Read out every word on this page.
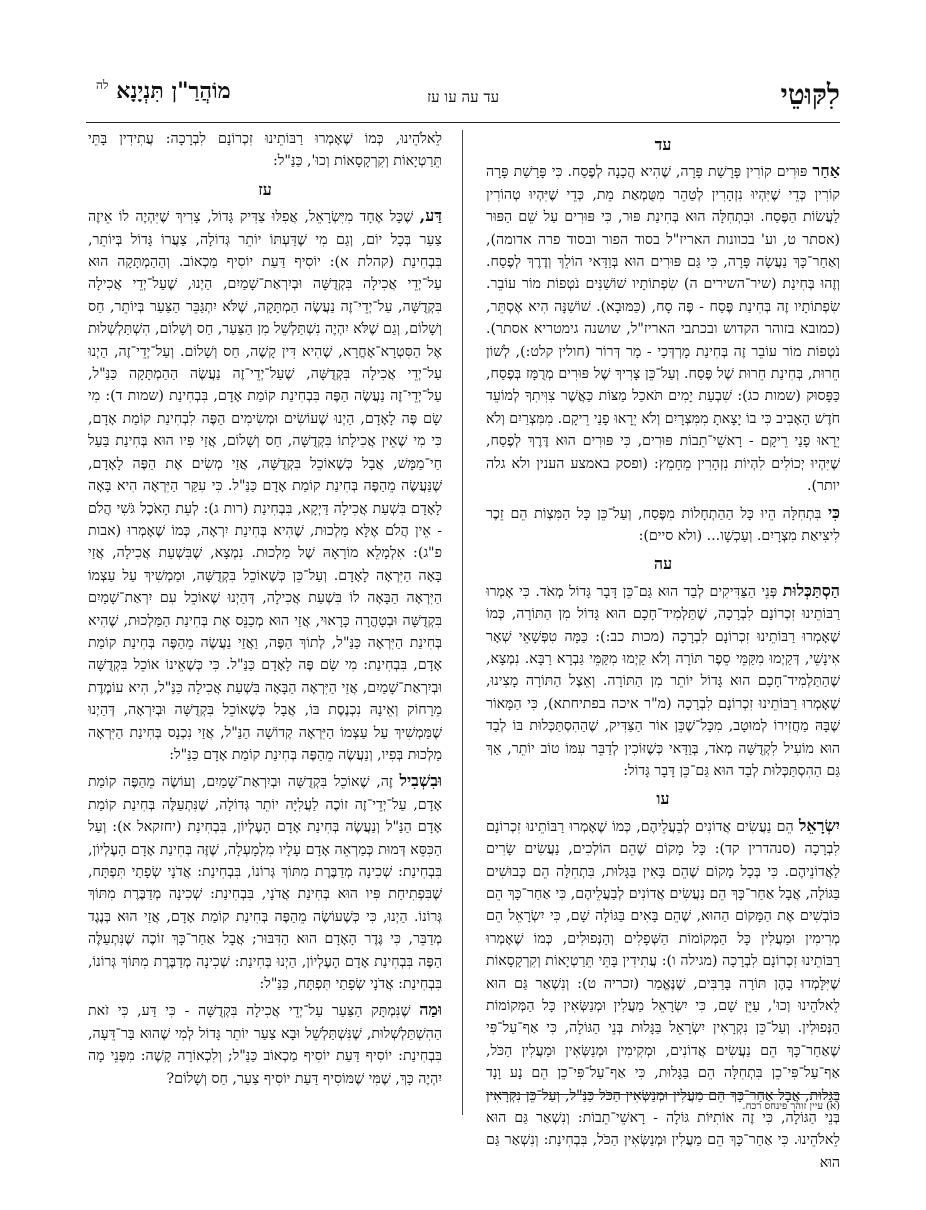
לִקּוּטֵי
עד עה עו עז
מוֹהֲרַ"ן תִּנְיָנָא $^{לה}$
עד

אַחַר פּוּרִים קוֹרִין פָּרָשַׁת פָּרָה, שֶׁהִיא הֲכָנָה לְפֶסַח. כִּי פָּרָשַׁת פָּרָה קוֹרִין כְּדֵי שֶׁיִּהְיוּ נִזְהָרִין לְטַהֵר מִטֻּמְאַת מֵת, כְּדֵי שֶׁיִּהְיוּ טְהוֹרִין לַעֲשׂוֹת הַפֶּסַח. וּבִתְחִלָּה הוּא בְּחִינַת פּוּר, כִּי פּוּרִים עַל שֵׁם הַפּוּר (אסתר ט, וע' בכוונות האריז"ל בסוד הפור ובסוד פרה אדומה), וְאַחַר־כָּךְ נַעֲשָׂה פָּרָה, כִּי גַּם פּוּרִים הוּא בְּוַדַּאי הוֹלֵךְ וְדֶרֶךְ לְפֶסַח. וְזֶהוּ בְּחִינַת (שיר־השירים ה) שִׂפְתוֹתָיו שׁוֹשַׁנִּים נֹטְפוֹת מוֹר עוֹבֵר. שִׂפְתוֹתָיו זֶה בְּחִינַת פֶּסַח - פֶּה סָח, (כַּמּוּבָא). שׁוֹשַׁנָּה הִיא אֶסְתֵּר, (כמובא בזוהר הקדוש ובכתבי האריז"ל, שושנה גימטריא אסתר). נֹטְפוֹת מוֹר עוֹבֵר זֶה בְּחִינַת מָרְדְּכַי - מָר דְּרוֹר (חולין קלט:), לְשׁוֹן חֵרוּת, בְּחִינַת חֵרוּת שֶׁל פֶּסַח. וְעַל־כֵּן צָרִיךְ שֶׁל פּוּרִים מְרֻמָּז בְּפֶסַח, כַּפָּסוּק (שמות כג): שִׁבְעַת יָמִים תֹּאכַל מַצּוֹת כַּאֲשֶׁר צִוִּיתִךָ לְמוֹעֵד חֹדֶשׁ הָאָבִיב כִּי בוֹ יָצָאתָ מִמִּצְרָיִם וְלֹא יֵרָאוּ פָנַי רֵיקָם. מִמִּצְרַיִם וְלֹא יֵרָאוּ פָנַי רֵיקָם - רָאשֵׁי־תֵבוֹת פּוּרִים, כִּי פּוּרִים הוּא דֶּרֶךְ לְפֶסַח, שֶׁיִּהְיוּ יְכוֹלִים לִהְיוֹת נִזְהָרִין מֵחָמֵץ: (ופסק באמצע הענין ולא גלה יותר).

כִּי בִּתְחִלָּה הֵיוּ כָּל הַהַתְחָלוֹת מִפֶּסַח, וְעַל־כֵּן כָּל הַמִּצְוֹת הֵם זֵכֶר לִיצִיאַת מִצְרָיִם. וְעַכְשָׁו... (ולא סיים):

עה

הַסְתַּכְּלוּת פְּנֵי הַצַּדִּיקִים לְבַד הוּא גַּם־כֵּן דָּבָר גָּדוֹל מְאֹד. כִּי אָמְרוּ רַבּוֹתֵינוּ זִכְרוֹנָם לִבְרָכָה, שֶׁתַּלְמִיד־חָכָם הוּא גָּדוֹל מִן הַתּוֹרָה, כְּמוֹ שֶׁאָמְרוּ רַבּוֹתֵינוּ זִכְרוֹנָם לִבְרָכָה (מכות כב:): כַּמָּה טִפְּשָׁאֵי שְׁאָר אִינָשֵׁי, דְּקַיְמוּ מִקַּמֵּי סֵפֶר תּוֹרָה וְלֹא קַיְמוּ מִקַּמֵּי גַּבְרָא רַבָּא. נִמְצָא, שֶׁהַתַּלְמִיד־חָכָם הוּא גָּדוֹל יוֹתֵר מִן הַתּוֹרָה. וְאֵצֶל הַתּוֹרָה מָצִינוּ, שֶׁאָמְרוּ רַבּוֹתֵינוּ זִכְרוֹנָם לִבְרָכָה (מ"ר איכה בפתיחתא), כִּי הַמָּאוֹר שֶׁבָּהּ מַחֲזִירוֹ לְמוּטָב, מִכָּל־שֶׁכֵּן אוֹר הַצַּדִּיק, שֶׁהַהִסְתַּכְּלוּת בּוֹ לְבַד הוּא מוֹעִיל לִקְדֻשָּׁה מְאֹד, בְּוַדַּאי כְּשֶׁזּוֹכִין לְדַבֵּר עִמּוֹ טוֹב יוֹתֵר, אַךְ גַּם הַהִסְתַּכְּלוּת לְבַד הוּא גַּם־כֵּן דָּבָר גָּדוֹל:

עו

יִשְׂרָאֵל הֵם נַעֲשִׂים אֲדוֹנִים לְבַעֲלֵיהֶם, כְּמוֹ שֶׁאָמְרוּ רַבּוֹתֵינוּ זִכְרוֹנָם לִבְרָכָה (סנהדרין קד): כָּל מָקוֹם שֶׁהֵם הוֹלְכִים, נַעֲשִׂים שָׂרִים לַאֲדוֹנֵיהֶם. כִּי בְּכָל מָקוֹם שֶׁהֵם בָּאִין בַּגָּלוּת, בִּתְחִלָּה הֵם כְּבוּשִׁים בַּגּוֹלָה, אֲבָל אַחַר־כָּךְ הֵם נַעֲשִׂים אֲדוֹנִים לְבַעֲלֵיהֶם, כִּי אַחַר־כָּךְ הֵם כּוֹבְשִׁים אֶת הַמָּקוֹם הַהוּא, שֶׁהֵם בָּאִים בַּגּוֹלָה שָׁם, כִּי יִשְׂרָאֵל הֵם מְרִימִין וּמַעֲלִין כָּל הַמְּקוֹמוֹת הַשְּׁפָלִים וְהַנְּפוּלִים, כְּמוֹ שֶׁאָמְרוּ רַבּוֹתֵינוּ זִכְרוֹנָם לִבְרָכָה (מגילה ו): עֲתִידִין בָּתֵּי תֵּרַטְיָאוֹת וְקִרְקָסָאוֹת שֶׁיִּלָּמְדוּ בָהֶן תּוֹרָה בָּרַבִּים, שֶׁנֶּאֱמַר (זכריה ט): וְנִשְׁאַר גַּם הוּא לֵאלֹהֵינוּ וְכוּ', עַיֵּן שָׁם, כִּי יִשְׂרָאֵל מַעֲלִין וּמְנַשְּׂאִין כָּל הַמְּקוֹמוֹת הַנְּפוּלִין. וְעַל־כֵּן נִקְרָאִין יִשְׂרָאֵל בַּגָּלוּת בְּנֵי הַגּוֹלָה, כִּי אַף־עַל־פִּי שֶׁאַחַר־כָּךְ הֵם נַעֲשִׂים אֲדוֹנִים, וּמְקִימִין וּמְנַשְּׂאִין וּמַעֲלִין הַכֹּל, אַף־עַל־פִּי־כֵן בִּתְחִלָּה הֵם בַּגָּלוּת, כִּי אַף־עַל־פִּי־כֵן הֵם נָע וָנָד בַּגָּלוּת, אֲבָל אַחַר־כָּךְ הֵם מַעֲלִין וּמְנַשְּׂאִין הַכֹּל כַּנַּ"ל, וְעַל־כֵּן נִקְרָאִין בְּנֵי הַגּוֹלָה, כִּי זֶה אוֹתִיּוֹת גּוֹלָה - רָאשֵׁי־תֵבוֹת: וְנִשְׁאַר גַּם הוּא לֵאלֹהֵינוּ. כִּי אַחַר־כָּךְ הֵם מַעֲלִין וּמְנַשְּׂאִין הַכֹּל, בִּבְחִינַת: וְנִשְׁאַר גַּם הוּא

לֵאלֹהֵינוּ, כְּמוֹ שֶׁאָמְרוּ רַבּוֹתֵינוּ זִכְרוֹנָם לִבְרָכָה: עֲתִידִין בָּתֵּי תֵּרַטְיָאוֹת וְקִרְקָסָאוֹת וְכוּ', כַּנַּ"ל:

עז

דַּע, שֶׁכָּל אֶחָד מִיִּשְׂרָאֵל, אֲפִלּוּ צַדִּיק גָּדוֹל, צָרִיךְ שֶׁיִּהְיֶה לוֹ אֵיזֶה צַעַר בְּכָל יוֹם, וְגַם מִי שֶׁדַּעְתּוֹ יוֹתֵר גְּדוֹלָה, צַעֲרוֹ גָּדוֹל בְּיוֹתֵר, בִּבְחִינַת (קהלת א): יוֹסִיף דַּעַת יוֹסִיף מַכְאוֹב. וְהַהַמְתָּקָה הוּא עַל־יְדֵי אֲכִילָה בִּקְדֻשָּׁה וּבְיִרְאַת־שָׁמַיִם, הַיְנוּ, שֶׁעַל־יְדֵי אֲכִילָה בִּקְדֻשָּׁה, עַל־יְדֵי־זֶה נַעֲשֶׂה הַמְתָּקָה, שֶׁלֹּא יִתְגַּבֵּר הַצַּעַר בְּיוֹתֵר, חַס וְשָׁלוֹם, וְגַם שֶׁלֹּא יִהְיֶה נִשְׁתַּלְשֵׁל מִן הַצַּעַר, חַס וְשָׁלוֹם, הִשְׁתַּלְשְׁלוּת אֶל הַסִּטְרָא־אָחֳרָא, שֶׁהִיא דִּין קָשֶׁה, חַס וְשָׁלוֹם. וְעַל־יְדֵי־זֶה, הַיְנוּ עַל־יְדֵי אֲכִילָה בִּקְדֻשָּׁה, שֶׁעַל־יְדֵי־זֶה נַעֲשֶׂה הַהַמְתָּקָה כַּנַּ"ל, עַל־יְדֵי־זֶה נַעֲשֶׂה הַפֶּה בִּבְחִינַת קוֹמַת אָדָם, בִּבְחִינַת (שמות ד): מִי שָׂם פֶּה לָאָדָם, הַיְנוּ שֶׁעוֹשִׂים וּמְשִׂימִים הַפֶּה לִבְחִינַת קוֹמַת אָדָם, כִּי מִי שֶׁאֵין אֲכִילָתוֹ בִּקְדֻשָּׁה, חַס וְשָׁלוֹם, אֲזַי פִּיו הוּא בְּחִינַת בַּעַל חַי־מַמָּשׁ, אֲבָל כְּשֶׁאוֹכֵל בִּקְדֻשָּׁה, אֲזַי מְשִׂים אֶת הַפֶּה לָאָדָם, שֶׁנַּעֲשֶׂה מֵהַפֶּה בְּחִינַת קוֹמַת אָדָם כַּנַּ"ל. כִּי עִקַּר הַיִּרְאָה הִיא בָּאָה לָאָדָם בִּשְׁעַת אֲכִילָה דַּיְקָא, בִּבְחִינַת (רות ג): לְעֵת הָאֹכֶל גֹּשִׁי הֲלֹם - אֵין הֲלֹם אֶלָּא מַלְכוּת, שֶׁהִיא בְּחִינַת יִרְאָה, כְּמוֹ שֶׁאָמְרוּ (אבות פ"ג): אִלְמָלֵא מוֹרָאָהּ שֶׁל מַלְכוּת. נִמְצָא, שֶׁבִּשְׁעַת אֲכִילָה, אֲזַי בָּאָה הַיִּרְאָה לָאָדָם. וְעַל־כֵּן כְּשֶׁאוֹכֵל בִּקְדֻשָּׁה, וּמַמְשִׁיךְ עַל עַצְמוֹ הַיִּרְאָה הַבָּאָה לוֹ בִּשְׁעַת אֲכִילָה, דְּהַיְנוּ שֶׁאוֹכֵל עִם יִרְאַת־שָׁמַיִם בִּקְדֻשָּׁה וּבְטָהֳרָה כָּרָאוּי, אֲזַי הוּא מְכַנֵּס אֶת בְּחִינַת הַמַּלְכוּת, שֶׁהִיא בְּחִינַת הַיִּרְאָה כַּנַּ"ל, לְתוֹךְ הַפֶּה, וַאֲזַי נַעֲשֶׂה מֵהַפֶּה בְּחִינַת קוֹמַת אָדָם, בִּבְחִינַת: מִי שָׂם פֶּה לָאָדָם כַּנַּ"ל. כִּי כְּשֶׁאֵינוֹ אוֹכֵל בִּקְדֻשָּׁה וּבְיִרְאַת־שָׁמַיִם, אֲזַי הַיִּרְאָה הַבָּאָה בִּשְׁעַת אֲכִילָה כַּנַּ"ל, הִיא עוֹמֶדֶת מֵרָחוֹק וְאֵינָהּ נִכְנֶסֶת בּוֹ, אֲבָל כְּשֶׁאוֹכֵל בִּקְדֻשָּׁה וּבְיִרְאָה, דְּהַיְנוּ שֶׁמַּמְשִׁיךְ עַל עַצְמוֹ הַיִּרְאָה קְדוֹשָׁה הַנַּ"ל, אֲזַי נִכְנָס בְּחִינַת הַיִּרְאָה מַלְכוּת בְּפִיו, וְנַעֲשֶׂה מֵהַפֶּה בְּחִינַת קוֹמַת אָדָם כַּנַּ"ל:

וּבִשְׁבִיל זֶה, שֶׁאוֹכֵל בִּקְדֻשָּׁה וּבְיִרְאַת־שָׁמַיִם, וְעוֹשֶׂה מֵהַפֶּה קוֹמַת אָדָם, עַל־יְדֵי־זֶה זוֹכֶה לַעֲלִיָּה יוֹתֵר גְּדוֹלָה, שֶׁנִּתְעַלֶּה בְּחִינַת קוֹמַת אָדָם הַנַּ"ל וְנַעֲשֶׂה בְּחִינַת אָדָם הָעֶלְיוֹן, בִּבְחִינַת (יחזקאל א): וְעַל הַכִּסֵּא דְּמוּת כְּמַרְאֵה אָדָם עָלָיו מִלְמָעְלָה, שֶׁזֶּה בְּחִינַת אָדָם הָעֶלְיוֹן, בִּבְחִינַת: שְׁכִינָה מְדַבֶּרֶת מִתּוֹךְ גְּרוֹנוֹ, בִּבְחִינַת: אֲדֹנָי שְׂפָתַי תִּפְתָּח, שֶׁבִּפְתִיחַת פִּיו הוּא בְּחִינַת אֲדֹנָי, בִּבְחִינַת: שְׁכִינָה מְדַבֶּרֶת מִתּוֹךְ גְּרוֹנוֹ. הַיְנוּ, כִּי כְּשֶׁעוֹשֶׂה מֵהַפֶּה בְּחִינַת קוֹמַת אָדָם, אֲזַי הוּא בְּנֶגֶד מְדַבֵּר, כִּי גֶּדֶר הָאָדָם הוּא הַדִּבּוּר; אֲבָל אַחַר־כָּךְ זוֹכֶה שֶׁנִּתְעַלֶּה הַפֶּה בִּבְחִינַת אָדָם הָעֶלְיוֹן, הַיְנוּ בְּחִינַת: שְׁכִינָה מְדַבֶּרֶת מִתּוֹךְ גְּרוֹנוֹ, בִּבְחִינַת: אֲדֹנָי שְׂפָתַי תִּפְתָּח, כַּנַּ"ל:

וּמַה שֶׁנִּמְתָּק הַצַּעַר עַל־יְדֵי אֲכִילָה בִּקְדֻשָּׁה - כִּי דַּע, כִּי זֹאת הַהִשְׁתַּלְשְׁלוּת, שֶׁנִּשְׁתַּלְשֵׁל וּבָא צַעַר יוֹתֵר גָּדוֹל לְמִי שֶׁהוּא בַּר־דֵּעָה, בִּבְחִינַת: יוֹסִיף דַּעַת יוֹסִיף מַכְאוֹב כַּנַּ"ל; וְלִכְאוֹרָה קָשֶׁה: מִפְּנֵי מָה יִהְיֶה כָּךְ, שֶׁמִּי שֶׁמּוֹסִיף דַּעַת יוֹסִיף צַעַר, חַס וְשָׁלוֹם?

(א) עיין זוהר פינחס רכח.
